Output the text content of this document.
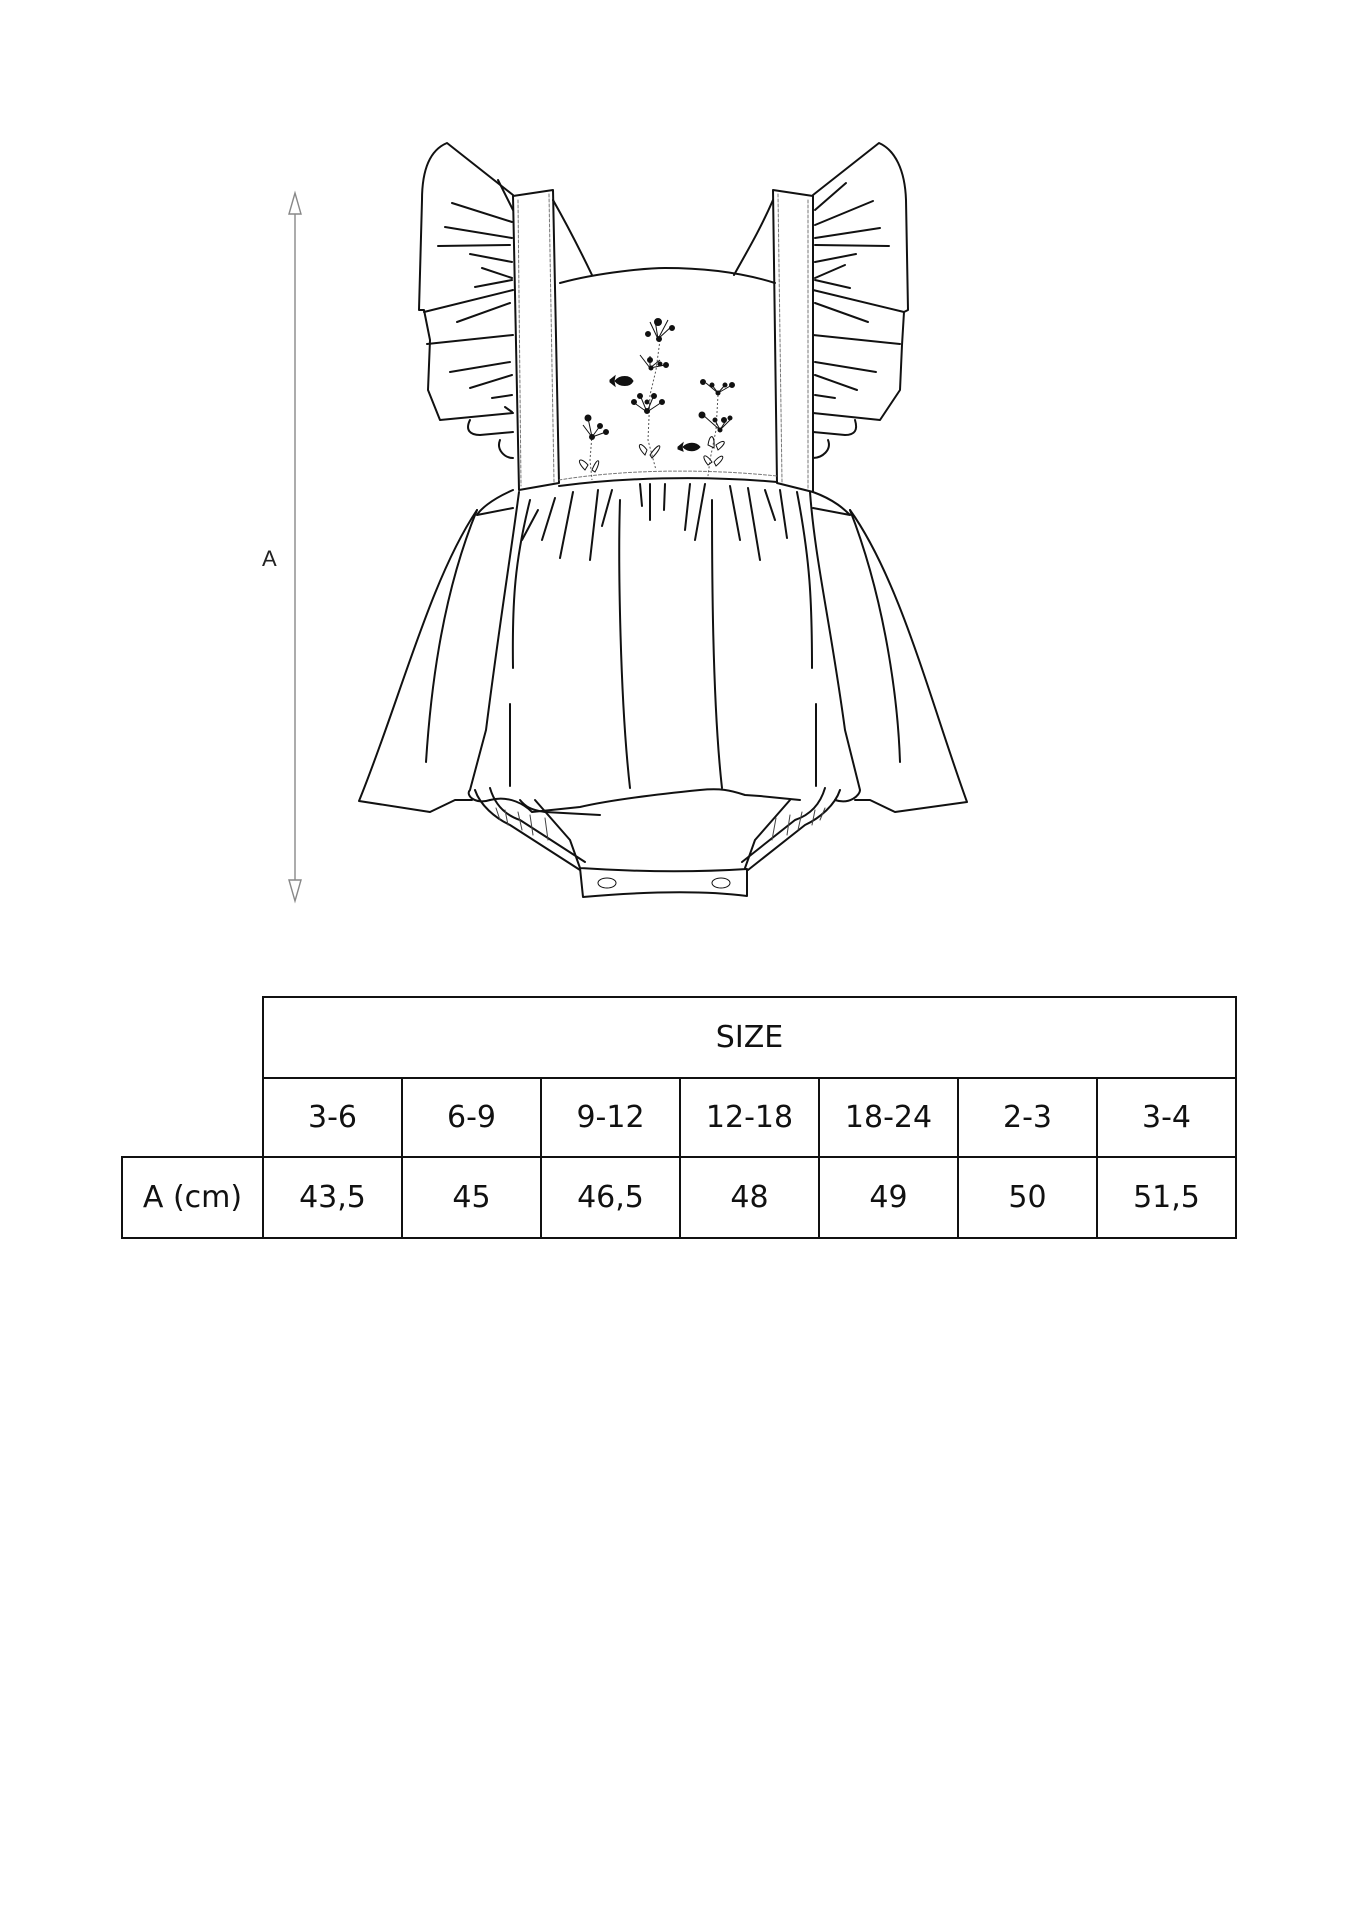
A
	SIZE						
	3-6	6-9	9-12	12-18	18-24	2-3	3-4
A (cm)	43,5	45	46,5	48	49	50	51,5
